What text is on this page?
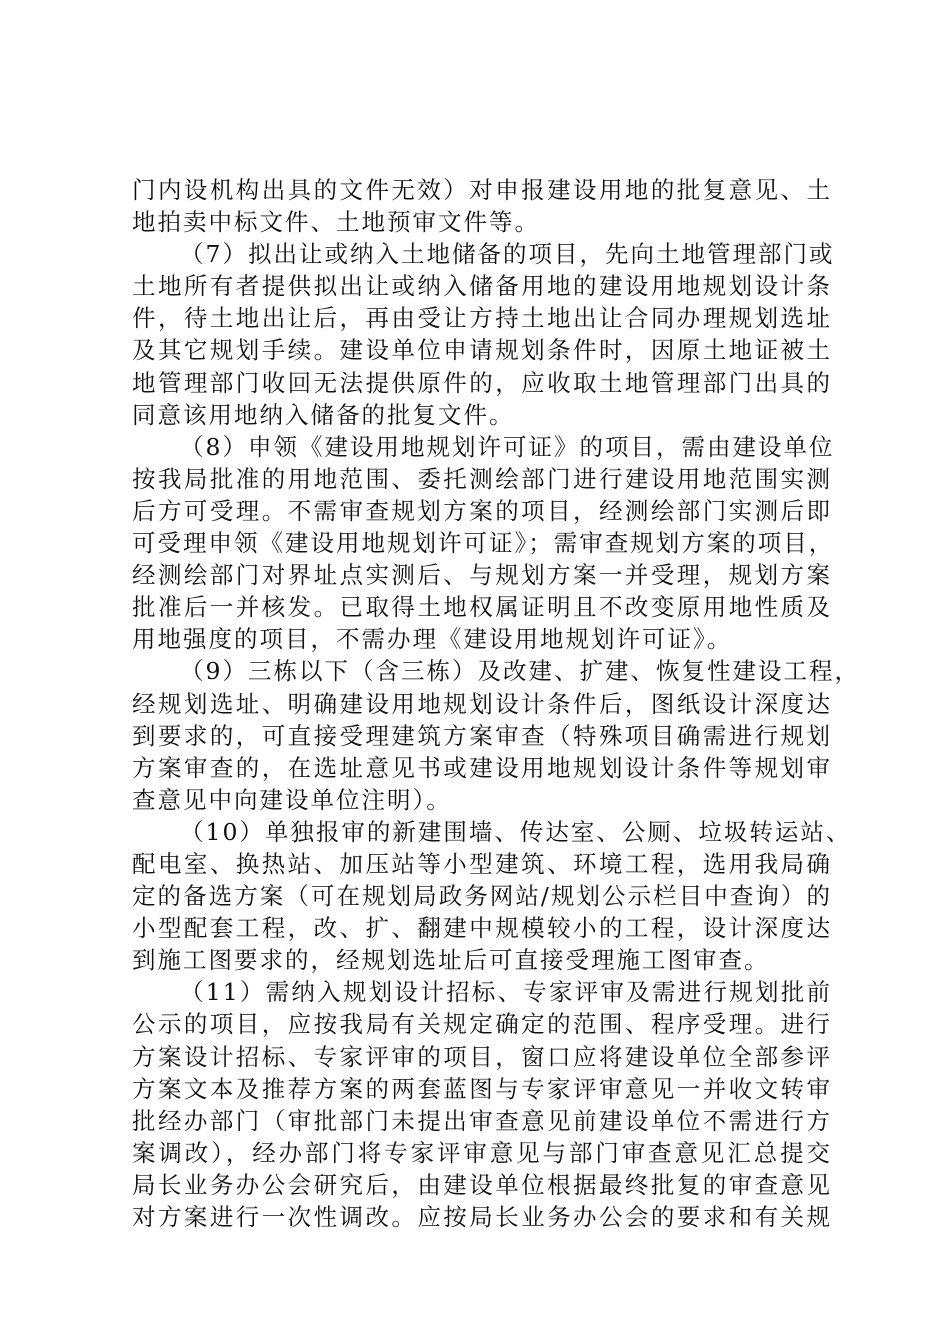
门内设机构出具的文件无效）对申报建设用地的批复意见、土
地拍卖中标文件、土地预审文件等。
（7）拟出让或纳入土地储备的项目，先向土地管理部门或
土地所有者提供拟出让或纳入储备用地的建设用地规划设计条
件，待土地出让后，再由受让方持土地出让合同办理规划选址
及其它规划手续。建设单位申请规划条件时，因原土地证被土
地管理部门收回无法提供原件的，应收取土地管理部门出具的
同意该用地纳入储备的批复文件。
（8）申领《建设用地规划许可证》的项目，需由建设单位
按我局批准的用地范围、委托测绘部门进行建设用地范围实测
后方可受理。不需审查规划方案的项目，经测绘部门实测后即
可受理申领《建设用地规划许可证》；需审查规划方案的项目，
经测绘部门对界址点实测后、与规划方案一并受理，规划方案
批准后一并核发。已取得土地权属证明且不改变原用地性质及
用地强度的项目，不需办理《建设用地规划许可证》。
（9）三栋以下（含三栋）及改建、扩建、恢复性建设工程，
经规划选址、明确建设用地规划设计条件后，图纸设计深度达
到要求的，可直接受理建筑方案审查（特殊项目确需进行规划
方案审查的，在选址意见书或建设用地规划设计条件等规划审
查意见中向建设单位注明）。
（10）单独报审的新建围墙、传达室、公厕、垃圾转运站、
配电室、换热站、加压站等小型建筑、环境工程，选用我局确
定的备选方案（可在规划局政务网站/规划公示栏目中查询）的
小型配套工程，改、扩、翻建中规模较小的工程，设计深度达
到施工图要求的，经规划选址后可直接受理施工图审查。
（11）需纳入规划设计招标、专家评审及需进行规划批前
公示的项目，应按我局有关规定确定的范围、程序受理。进行
方案设计招标、专家评审的项目，窗口应将建设单位全部参评
方案文本及推荐方案的两套蓝图与专家评审意见一并收文转审
批经办部门（审批部门未提出审查意见前建设单位不需进行方
案调改），经办部门将专家评审意见与部门审查意见汇总提交
局长业务办公会研究后，由建设单位根据最终批复的审查意见
对方案进行一次性调改。应按局长业务办公会的要求和有关规
